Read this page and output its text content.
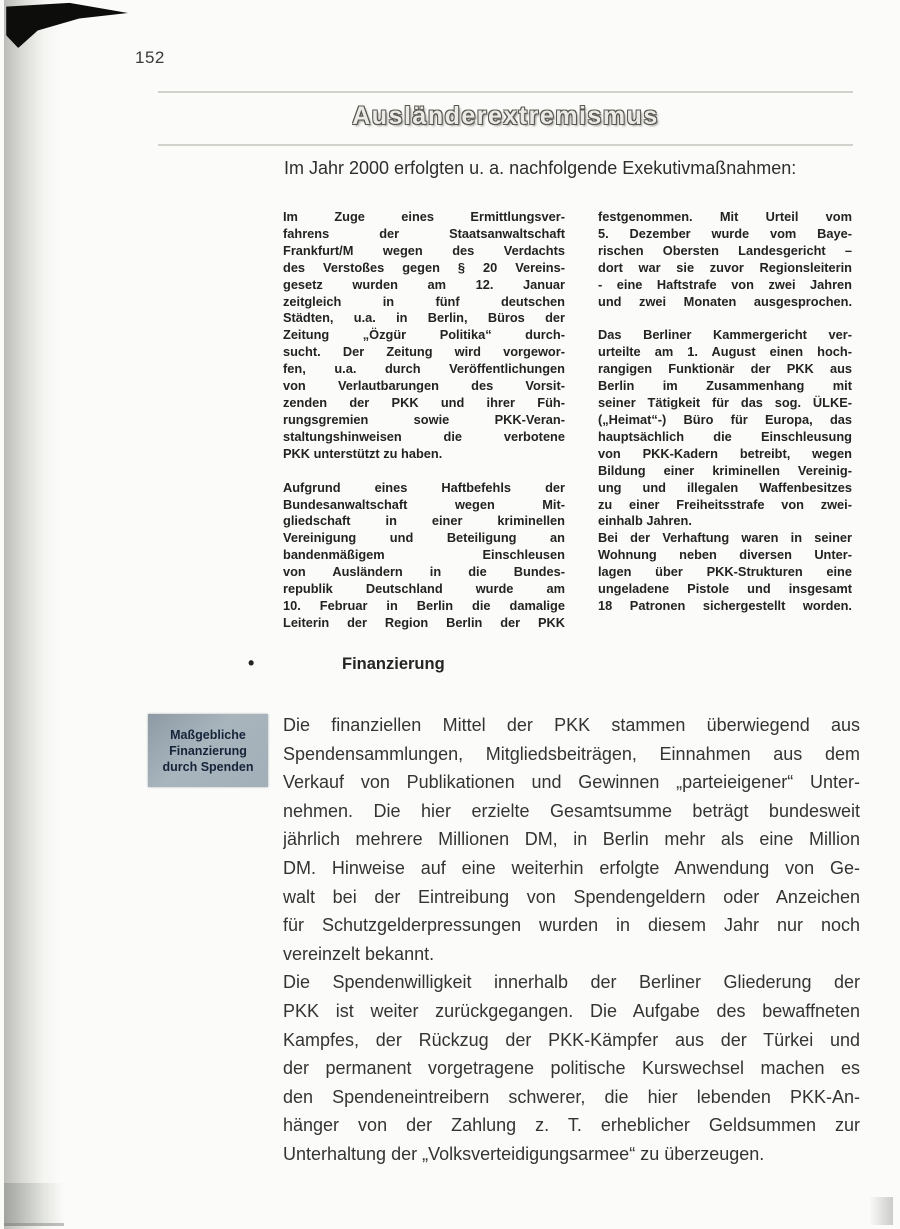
152
Ausländerextremismus
Im Jahr 2000 erfolgten u. a. nachfolgende Exekutivmaßnahmen:
Im Zuge eines Ermittlungsver-
fahrens der Staatsanwaltschaft
Frankfurt/M wegen des Verdachts
des Verstoßes gegen § 20 Vereins-
gesetz wurden am 12. Januar
zeitgleich in fünf deutschen
Städten, u.a. in Berlin, Büros der
Zeitung „Özgür Politika“ durch-
sucht. Der Zeitung wird vorgewor-
fen, u.a. durch Veröffentlichungen
von Verlautbarungen des Vorsit-
zenden der PKK und ihrer Füh-
rungsgremien sowie PKK-Veran-
staltungshinweisen die verbotene
PKK unterstützt zu haben.
Aufgrund eines Haftbefehls der
Bundesanwaltschaft wegen Mit-
gliedschaft in einer kriminellen
Vereinigung und Beteiligung an
bandenmäßigem Einschleusen
von Ausländern in die Bundes-
republik Deutschland wurde am
10. Februar in Berlin die damalige
Leiterin der Region Berlin der PKK
festgenommen. Mit Urteil vom
5. Dezember wurde vom Baye-
rischen Obersten Landesgericht –
dort war sie zuvor Regionsleiterin
- eine Haftstrafe von zwei Jahren
und zwei Monaten ausgesprochen.
Das Berliner Kammergericht ver-
urteilte am 1. August einen hoch-
rangigen Funktionär der PKK aus
Berlin im Zusammenhang mit
seiner Tätigkeit für das sog. ÜLKE-
(„Heimat“-) Büro für Europa, das
hauptsächlich die Einschleusung
von PKK-Kadern betreibt, wegen
Bildung einer kriminellen Vereinig-
ung und illegalen Waffenbesitzes
zu einer Freiheitsstrafe von zwei-
einhalb Jahren.
Bei der Verhaftung waren in seiner
Wohnung neben diversen Unter-
lagen über PKK-Strukturen eine
ungeladene Pistole und insgesamt
18 Patronen sichergestellt worden.
•	Finanzierung
Maßgebliche
Finanzierung
durch Spenden
Die finanziellen Mittel der PKK stammen überwiegend aus
Spendensammlungen, Mitgliedsbeiträgen, Einnahmen aus dem
Verkauf von Publikationen und Gewinnen „parteieigener“ Unter-
nehmen. Die hier erzielte Gesamtsumme beträgt bundesweit
jährlich mehrere Millionen DM, in Berlin mehr als eine Million
DM. Hinweise auf eine weiterhin erfolgte Anwendung von Ge-
walt bei der Eintreibung von Spendengeldern oder Anzeichen
für Schutzgelderpressungen wurden in diesem Jahr nur noch
vereinzelt bekannt.
Die Spendenwilligkeit innerhalb der Berliner Gliederung der
PKK ist weiter zurückgegangen. Die Aufgabe des bewaffneten
Kampfes, der Rückzug der PKK-Kämpfer aus der Türkei und
der permanent vorgetragene politische Kurswechsel machen es
den Spendeneintreibern schwerer, die hier lebenden PKK-An-
hänger von der Zahlung z. T. erheblicher Geldsummen zur
Unterhaltung der „Volksverteidigungsarmee“ zu überzeugen.
